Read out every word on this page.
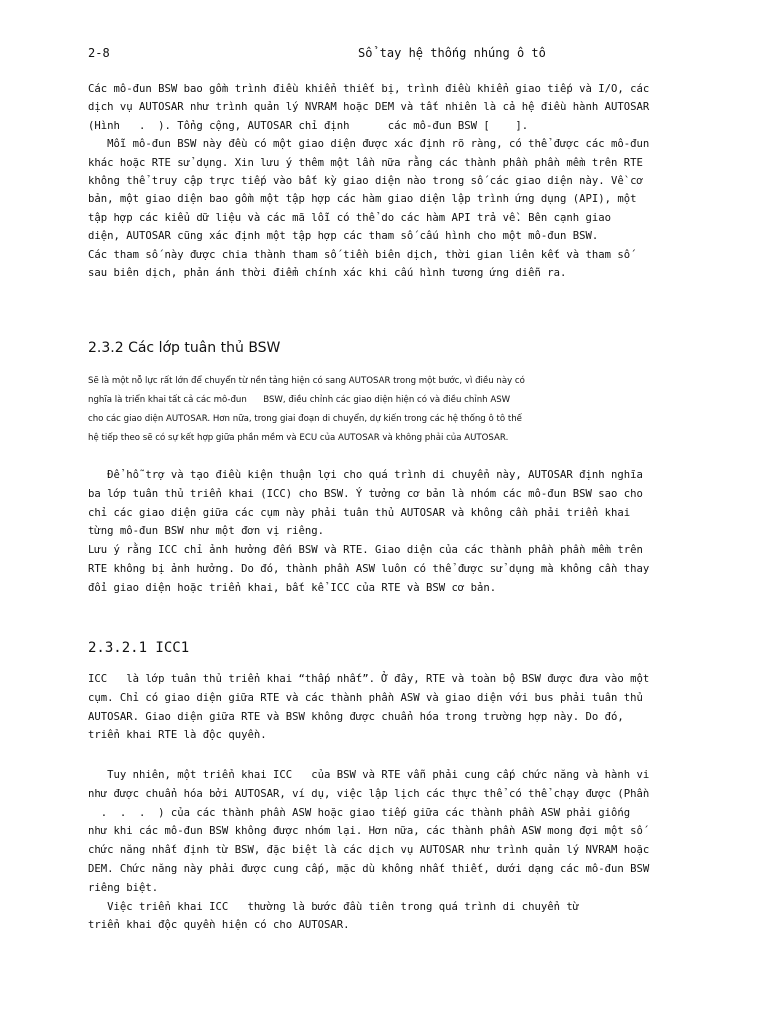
2-8	Sổ tay hệ thống nhúng ô tô

Các mô-đun BSW bao gồm trình điều khiển thiết bị, trình điều khiển giao tiếp và I/O, các

dịch vụ AUTOSAR như trình quản lý NVRAM hoặc DEM và tất nhiên là cả hệ điều hành AUTOSAR

(Hình   .  ). Tổng cộng, AUTOSAR chỉ định      các mô-đun BSW [    ].

Mỗi mô-đun BSW này đều có một giao diện được xác định rõ ràng, có thể được các mô-đun

khác hoặc RTE sử dụng. Xin lưu ý thêm một lần nữa rằng các thành phần phần mềm trên RTE

không thể truy cập trực tiếp vào bất kỳ giao diện nào trong số các giao diện này. Về cơ

bản, một giao diện bao gồm một tập hợp các hàm giao diện lập trình ứng dụng (API), một

tập hợp các kiểu dữ liệu và các mã lỗi có thể do các hàm API trả về. Bên cạnh giao

diện, AUTOSAR cũng xác định một tập hợp các tham số cấu hình cho một mô-đun BSW.

Các tham số này được chia thành tham số tiền biên dịch, thời gian liên kết và tham số

sau biên dịch, phản ánh thời điểm chính xác khi cấu hình tương ứng diễn ra.

2.3.2 Các lớp tuân thủ BSW

Sẽ là một nỗ lực rất lớn để chuyển từ nền tảng hiện có sang AUTOSAR trong một bước, vì điều này có

nghĩa là triển khai tất cả các mô-đun      BSW, điều chỉnh các giao diện hiện có và điều chỉnh ASW

cho các giao diện AUTOSAR. Hơn nữa, trong giai đoạn di chuyển, dự kiến trong các hệ thống ô tô thế

hệ tiếp theo sẽ có sự kết hợp giữa phần mềm và ECU của AUTOSAR và không phải của AUTOSAR.

Để hỗ trợ và tạo điều kiện thuận lợi cho quá trình di chuyển này, AUTOSAR định nghĩa

ba lớp tuân thủ triển khai (ICC) cho BSW. Ý tưởng cơ bản là nhóm các mô-đun BSW sao cho

chỉ các giao diện giữa các cụm này phải tuân thủ AUTOSAR và không cần phải triển khai

từng mô-đun BSW như một đơn vị riêng.

Lưu ý rằng ICC chỉ ảnh hưởng đến BSW và RTE. Giao diện của các thành phần phần mềm trên

RTE không bị ảnh hưởng. Do đó, thành phần ASW luôn có thể được sử dụng mà không cần thay

đổi giao diện hoặc triển khai, bất kể ICC của RTE và BSW cơ bản.

2.3.2.1 ICC1

ICC   là lớp tuân thủ triển khai “thấp nhất”. Ở đây, RTE và toàn bộ BSW được đưa vào một

cụm. Chỉ có giao diện giữa RTE và các thành phần ASW và giao diện với bus phải tuân thủ

AUTOSAR. Giao diện giữa RTE và BSW không được chuẩn hóa trong trường hợp này. Do đó,

triển khai RTE là độc quyền.

Tuy nhiên, một triển khai ICC   của BSW và RTE vẫn phải cung cấp chức năng và hành vi

như được chuẩn hóa bởi AUTOSAR, ví dụ, việc lập lịch các thực thể có thể chạy được (Phần

.  .  .  ) của các thành phần ASW hoặc giao tiếp giữa các thành phần ASW phải giống

như khi các mô-đun BSW không được nhóm lại. Hơn nữa, các thành phần ASW mong đợi một số

chức năng nhất định từ BSW, đặc biệt là các dịch vụ AUTOSAR như trình quản lý NVRAM hoặc

DEM. Chức năng này phải được cung cấp, mặc dù không nhất thiết, dưới dạng các mô-đun BSW

riêng biệt.

Việc triển khai ICC   thường là bước đầu tiên trong quá trình di chuyển từ

triển khai độc quyền hiện có cho AUTOSAR.
